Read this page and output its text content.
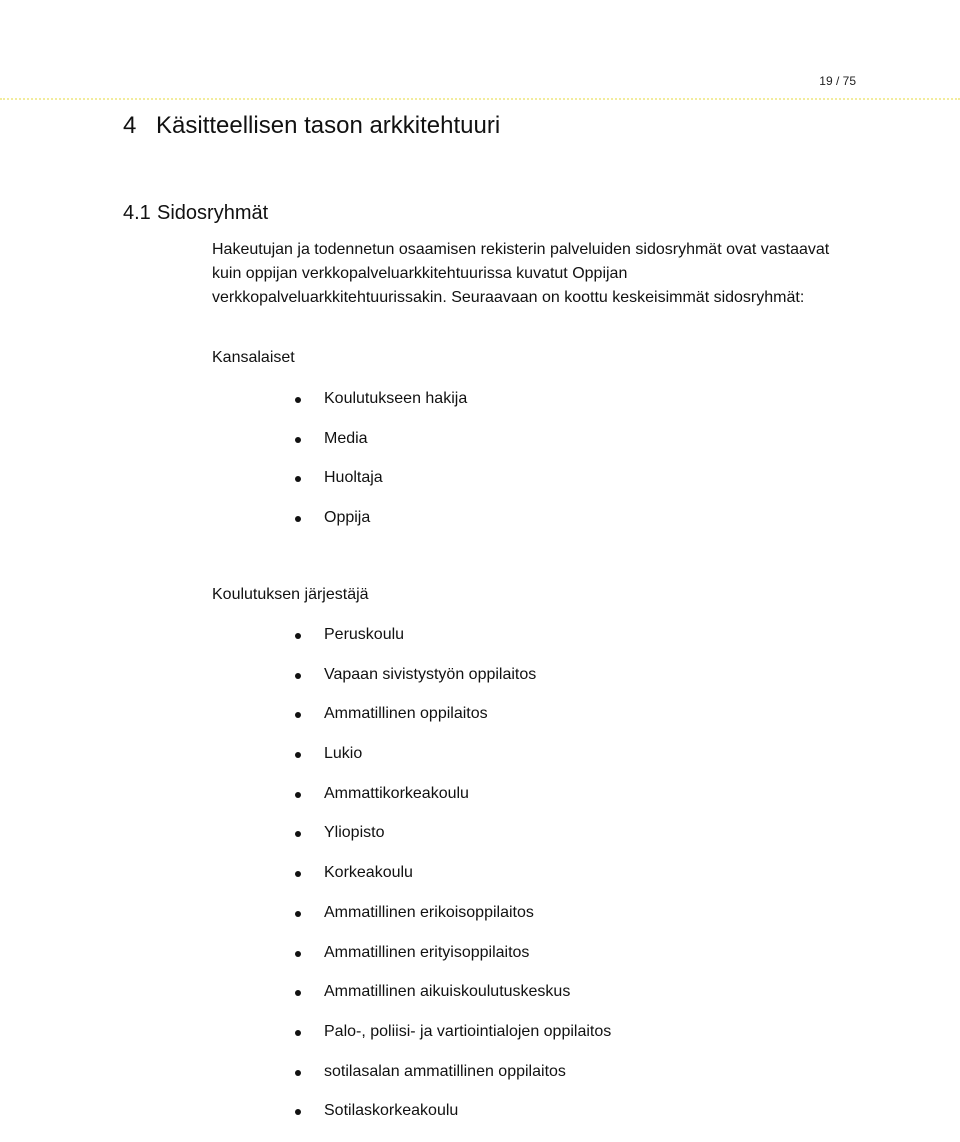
19 / 75
4 Käsitteellisen tason arkkitehtuuri
4.1 Sidosryhmät

Hakeutujan ja todennetun osaamisen rekisterin palveluiden sidosryhmät ovat vastaavat kuin oppijan verkkopalveluarkkitehtuurissa kuvatut Oppijan verkkopalveluarkkitehtuurissakin. Seuraavaan on koottu keskeisimmät sidosryhmät:

Kansalaiset
Koulutukseen hakija
Media
Huoltaja
Oppija
Koulutuksen järjestäjä
Peruskoulu
Vapaan sivistystyön oppilaitos
Ammatillinen oppilaitos
Lukio
Ammattikorkeakoulu
Yliopisto
Korkeakoulu
Ammatillinen erikoisoppilaitos
Ammatillinen erityisoppilaitos
Ammatillinen aikuiskoulutuskeskus
Palo-, poliisi- ja vartiointialojen oppilaitos
sotilasalan ammatillinen oppilaitos
Sotilaskorkeakoulu
